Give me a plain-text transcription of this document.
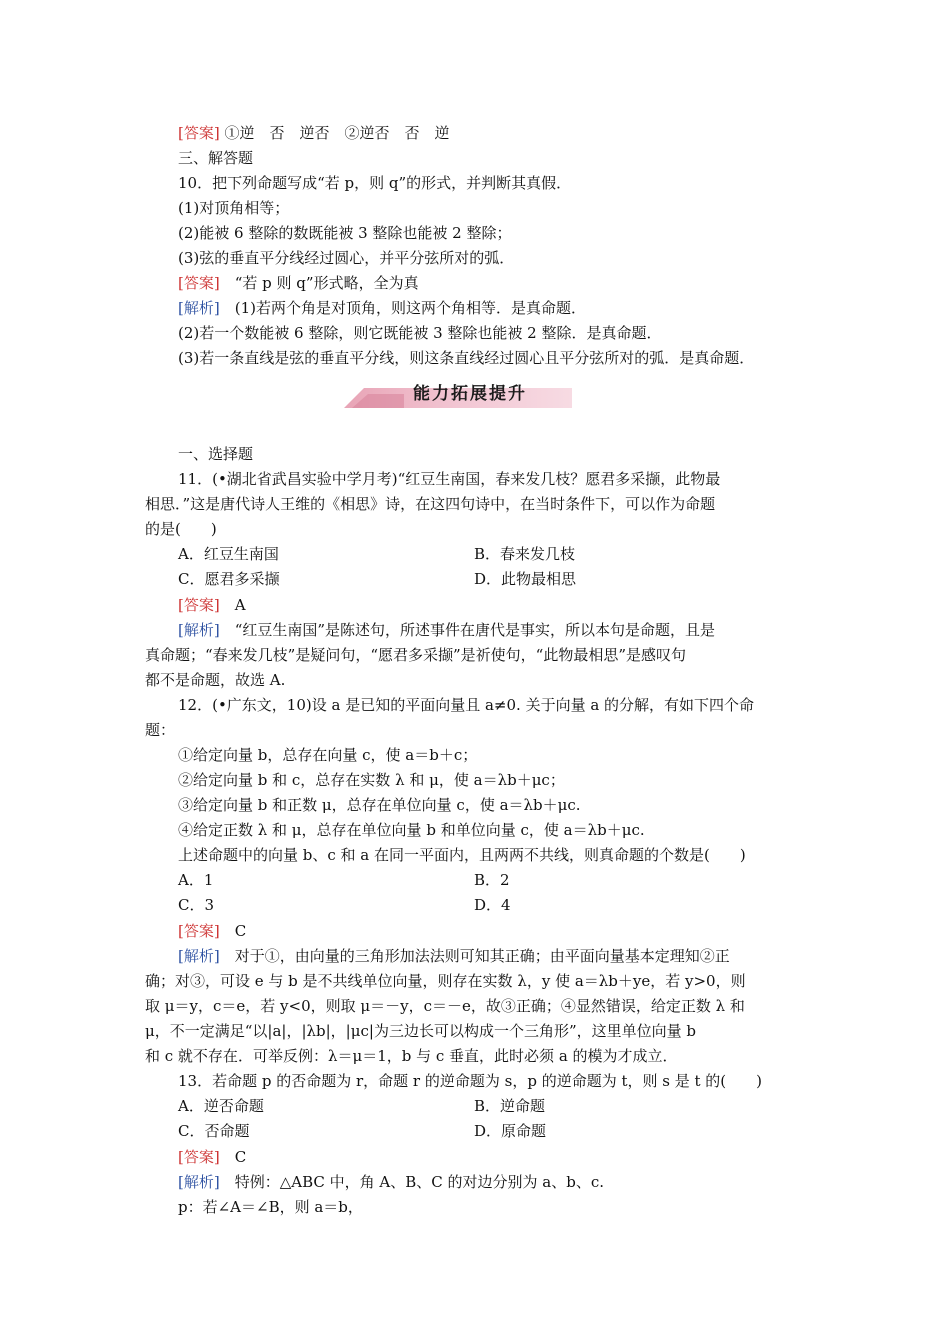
能力拓展提升
[答案] ①逆　否　逆否　②逆否　否　逆
三、解答题
10．把下列命题写成“若 p，则 q”的形式，并判断其真假．
(1)对顶角相等；
(2)能被 6 整除的数既能被 3 整除也能被 2 整除；
(3)弦的垂直平分线经过圆心，并平分弦所对的弧．
[答案]　“若 p 则 q”形式略，全为真
[解析]　(1)若两个角是对顶角，则这两个角相等．是真命题．
(2)若一个数能被 6 整除，则它既能被 3 整除也能被 2 整除．是真命题．
(3)若一条直线是弦的垂直平分线，则这条直线经过圆心且平分弦所对的弧．是真命题．
一、选择题
11．(•湖北省武昌实验中学月考)“红豆生南国，春来发几枝？愿君多采撷，此物最
相思．”这是唐代诗人王维的《相思》诗，在这四句诗中，在当时条件下，可以作为命题
的是(　　)
[答案]　A
[解析]　“红豆生南国”是陈述句，所述事件在唐代是事实，所以本句是命题，且是
真命题；“春来发几枝”是疑问句，“愿君多采撷”是祈使句，“此物最相思”是感叹句
都不是命题，故选 A.
12．(•广东文，10)设 a 是已知的平面向量且 a≠0. 关于向量 a 的分解，有如下四个命
题：
①给定向量 b，总存在向量 c，使 a＝b＋c；
②给定向量 b 和 c，总存在实数 λ 和 μ，使 a＝λb＋μc；
③给定向量 b 和正数 μ，总存在单位向量 c，使 a＝λb＋μc.
④给定正数 λ 和 μ，总存在单位向量 b 和单位向量 c，使 a＝λb＋μc.
上述命题中的向量 b、c 和 a 在同一平面内，且两两不共线，则真命题的个数是(　　)
[答案]　C
[解析]　对于①，由向量的三角形加法法则可知其正确；由平面向量基本定理知②正
确；对③，可设 e 与 b 是不共线单位向量，则存在实数 λ，y 使 a＝λb＋ye，若 y>0，则
取 μ＝y，c＝e，若 y<0，则取 μ＝－y，c＝－e，故③正确；④显然错误，给定正数 λ 和
μ，不一定满足“以|a|，|λb|，|μc|为三边长可以构成一个三角形”，这里单位向量 b
和 c 就不存在．可举反例：λ＝μ＝1，b 与 c 垂直，此时必须 a 的模为才成立．
13．若命题 p 的否命题为 r，命题 r 的逆命题为 s，p 的逆命题为 t，则 s 是 t 的(　　)
[答案]　C
[解析]　特例：△ABC 中，角 A、B、C 的对边分别为 a、b、c.
p：若∠A＝∠B，则 a＝b，
A．红豆生南国	B．春来发几枝
C．愿君多采撷	D．此物最相思
A．1	B．2
C．3	D．4
A．逆否命题	B．逆命题
C．否命题	D．原命题
